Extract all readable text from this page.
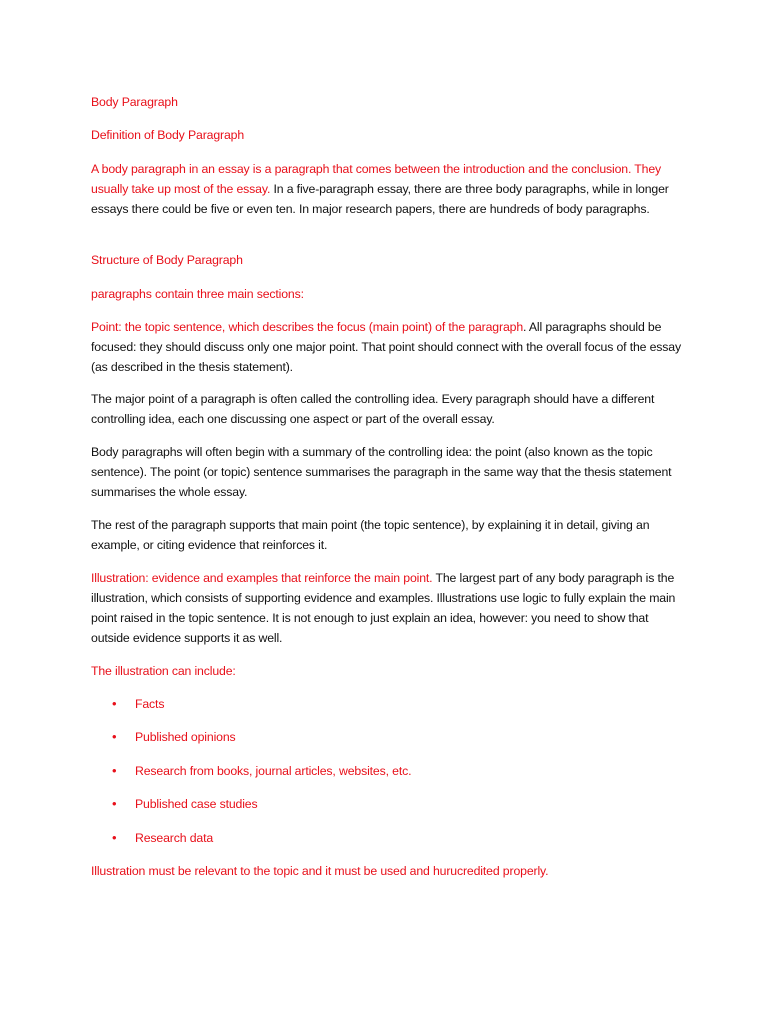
Body Paragraph

Definition of Body Paragraph

A body paragraph in an essay is a paragraph that comes between the introduction and the conclusion. They usually take up most of the essay. In a five-paragraph essay, there are three body paragraphs, while in longer essays there could be five or even ten. In major research papers, there are hundreds of body paragraphs.

Structure of Body Paragraph

paragraphs contain three main sections:

Point: the topic sentence, which describes the focus (main point) of the paragraph. All paragraphs should be focused: they should discuss only one major point. That point should connect with the overall focus of the essay (as described in the thesis statement).

The major point of a paragraph is often called the controlling idea. Every paragraph should have a different controlling idea, each one discussing one aspect or part of the overall essay.

Body paragraphs will often begin with a summary of the controlling idea: the point (also known as the topic sentence). The point (or topic) sentence summarises the paragraph in the same way that the thesis statement summarises the whole essay.

The rest of the paragraph supports that main point (the topic sentence), by explaining it in detail, giving an example, or citing evidence that reinforces it.

Illustration: evidence and examples that reinforce the main point. The largest part of any body paragraph is the illustration, which consists of supporting evidence and examples. Illustrations use logic to fully explain the main point raised in the topic sentence. It is not enough to just explain an idea, however: you need to show that outside evidence supports it as well.

The illustration can include:

•	Facts
•	Published opinions
•	Research from books, journal articles, websites, etc.
•	Published case studies
•	Research data

Illustration must be relevant to the topic and it must be used and hurucredited properly.
